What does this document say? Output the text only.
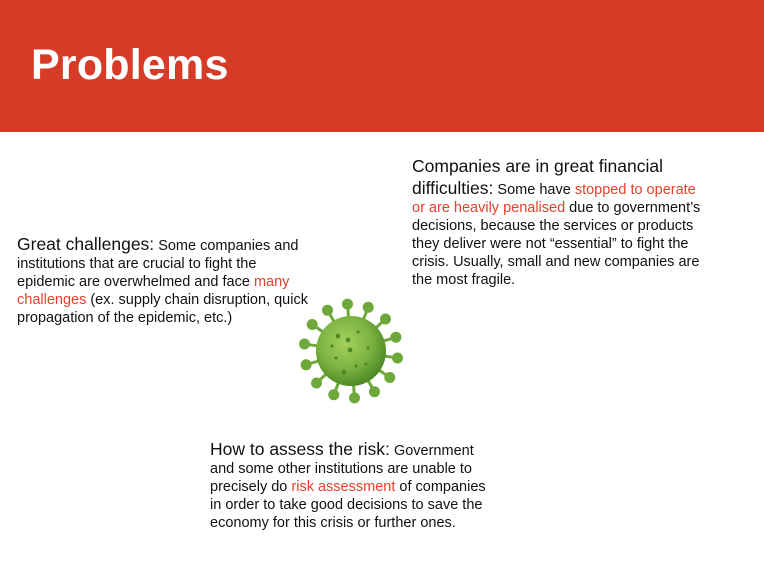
Problems
Companies are in great financial difficulties: Some have stopped to operate or are heavily penalised due to government’s decisions, because the services or products they deliver were not “essential” to fight the crisis. Usually, small and new companies are the most fragile.
Great challenges: Some companies and institutions that are crucial to fight the epidemic are overwhelmed and face many challenges (ex. supply chain disruption, quick propagation of the epidemic, etc.)
How to assess the risk: Government and some other institutions are unable to precisely do risk assessment of companies in order to take good decisions to save the economy for this crisis or further ones.
